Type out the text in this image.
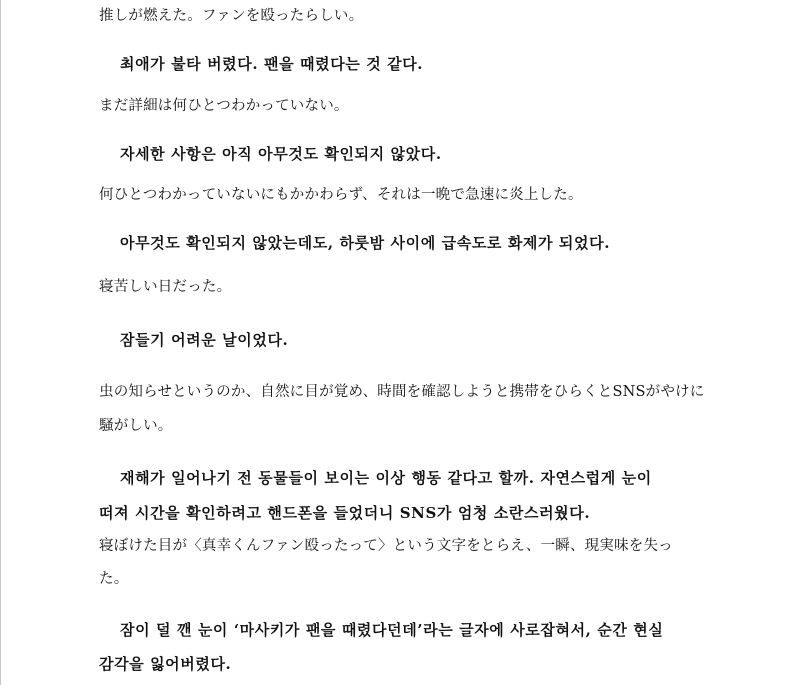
推しが燃えた。ファンを殴ったらしい。
최애가 불타 버렸다. 팬을 때렸다는 것 같다.
まだ詳細は何ひとつわかっていない。
자세한 사항은 아직 아무것도 확인되지 않았다.
何ひとつわかっていないにもかかわらず、それは一晩で急速に炎上した。
아무것도 확인되지 않았는데도, 하룻밤 사이에 급속도로 화제가 되었다.
寝苦しい日だった。
잠들기 어려운 날이었다.
虫の知らせというのか、自然に目が覚め、時間を確認しようと携帯をひらくとSNSがやけに
騒がしい。
재해가 일어나기 전 동물들이 보이는 이상 행동 같다고 할까. 자연스럽게 눈이
떠져 시간을 확인하려고 핸드폰을 들었더니 SNS가 엄청 소란스러웠다.
寝ぼけた目が〈真幸くんファン殴ったって〉という文字をとらえ、一瞬、現実味を失っ
た。
잠이 덜 깬 눈이 ‘마사키가 팬을 때렸다던데’라는 글자에 사로잡혀서, 순간 현실
감각을 잃어버렸다.
